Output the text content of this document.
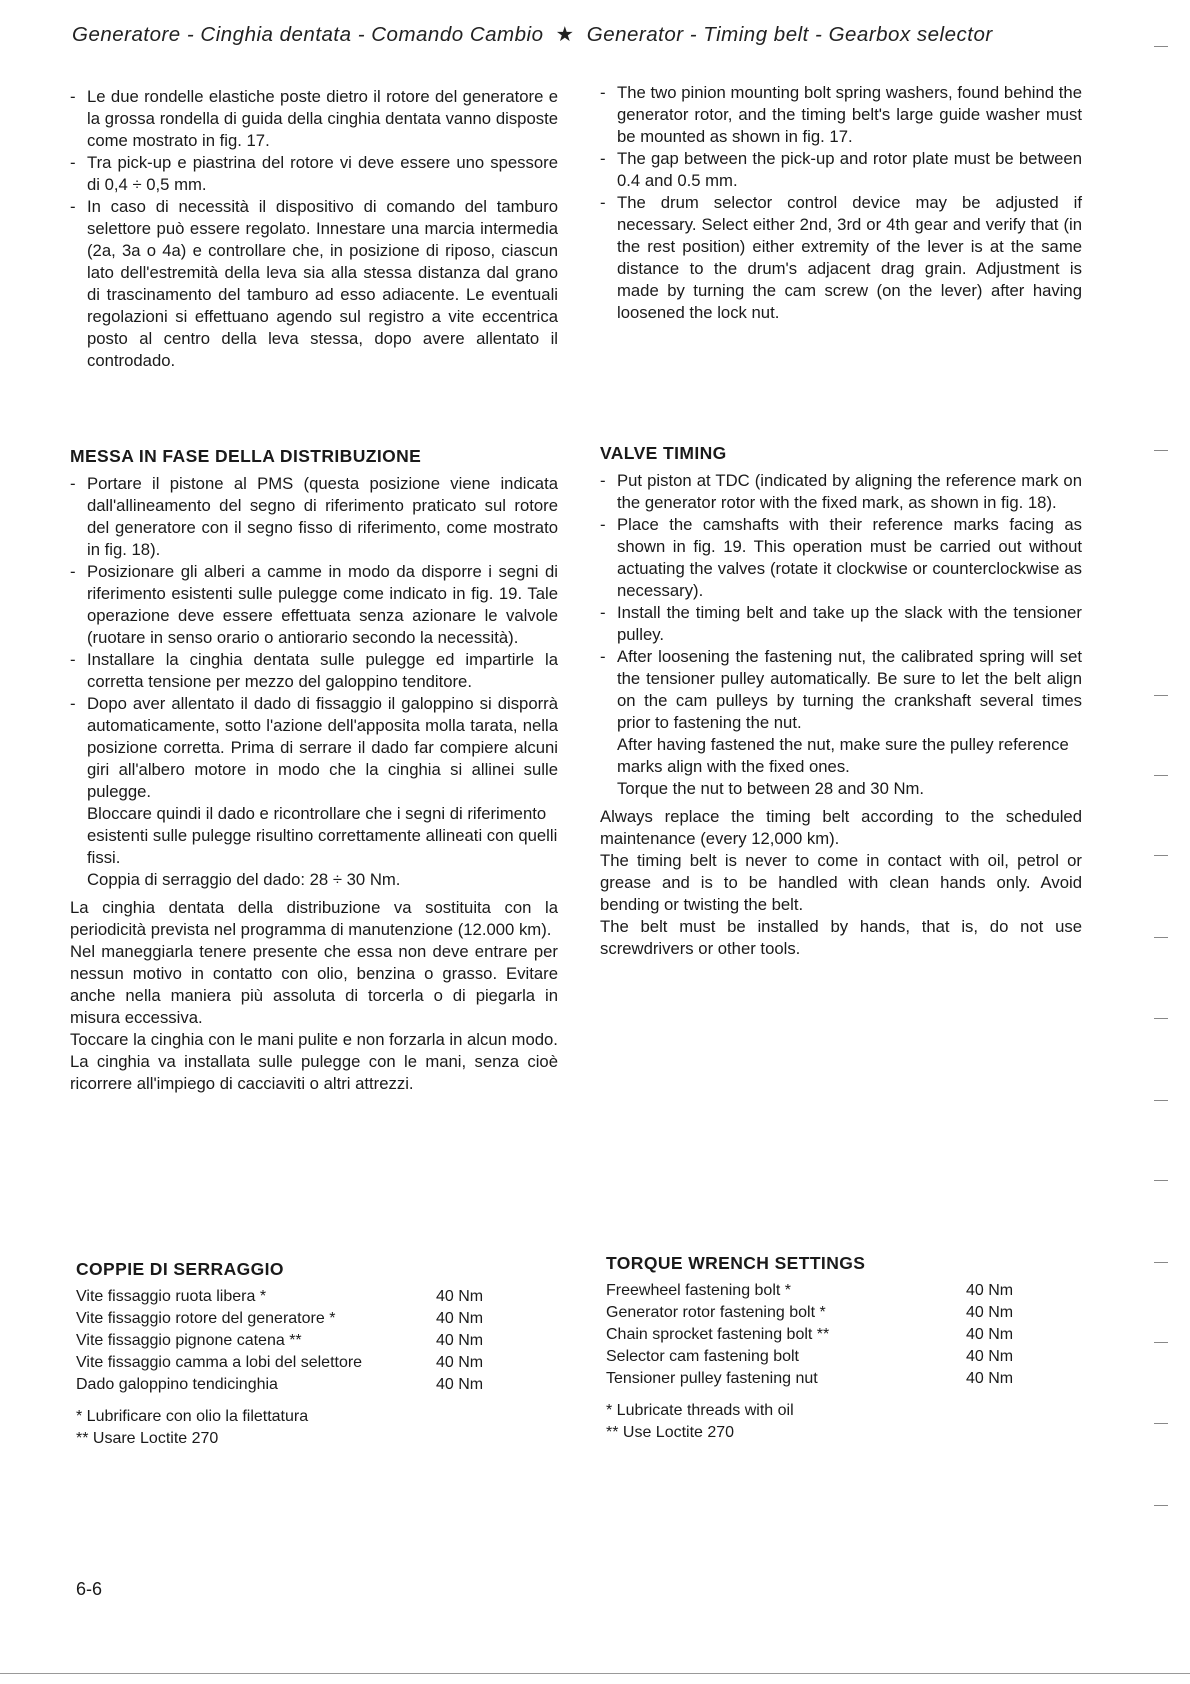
Generatore - Cinghia dentata - Comando Cambio ★ Generator - Timing belt - Gearbox selector
- Le due rondelle elastiche poste dietro il rotore del generatore e la grossa rondella di guida della cinghia dentata vanno disposte come mostrato in fig. 17.
- Tra pick-up e piastrina del rotore vi deve essere uno spessore di 0,4 ÷ 0,5 mm.
- In caso di necessità il dispositivo di comando del tamburo selettore può essere regolato. Innestare una marcia intermedia (2a, 3a o 4a) e controllare che, in posizione di riposo, ciascun lato dell'estremità della leva sia alla stessa distanza dal grano di trascinamento del tamburo ad esso adiacente. Le eventuali regolazioni si effettuano agendo sul registro a vite eccentrica posto al centro della leva stessa, dopo avere allentato il controdado.
- The two pinion mounting bolt spring washers, found behind the generator rotor, and the timing belt's large guide washer must be mounted as shown in fig. 17.
- The gap between the pick-up and rotor plate must be between 0.4 and 0.5 mm.
- The drum selector control device may be adjusted if necessary. Select either 2nd, 3rd or 4th gear and verify that (in the rest position) either extremity of the lever is at the same distance to the drum's adjacent drag grain. Adjustment is made by turning the cam screw (on the lever) after having loosened the lock nut.
MESSA IN FASE DELLA DISTRIBUZIONE
- Portare il pistone al PMS (questa posizione viene indicata dall'allineamento del segno di riferimento praticato sul rotore del generatore con il segno fisso di riferimento, come mostrato in fig. 18).
- Posizionare gli alberi a camme in modo da disporre i segni di riferimento esistenti sulle pulegge come indicato in fig. 19. Tale operazione deve essere effettuata senza azionare le valvole (ruotare in senso orario o antiorario secondo la necessità).
- Installare la cinghia dentata sulle pulegge ed impartirle la corretta tensione per mezzo del galoppino tenditore.
- Dopo aver allentato il dado di fissaggio il galoppino si disporrà automaticamente, sotto l'azione dell'apposita molla tarata, nella posizione corretta. Prima di serrare il dado far compiere alcuni giri all'albero motore in modo che la cinghia si allinei sulle pulegge.

Bloccare quindi il dado e ricontrollare che i segni di riferimento esistenti sulle pulegge risultino correttamente allineati con quelli fissi.

Coppia di serraggio del dado: 28 ÷ 30 Nm.

La cinghia dentata della distribuzione va sostituita con la periodicità prevista nel programma di manutenzione (12.000 km).

Nel maneggiarla tenere presente che essa non deve entrare per nessun motivo in contatto con olio, benzina o grasso. Evitare anche nella maniera più assoluta di torcerla o di piegarla in misura eccessiva.

Toccare la cinghia con le mani pulite e non forzarla in alcun modo.

La cinghia va installata sulle pulegge con le mani, senza cioè ricorrere all'impiego di cacciaviti o altri attrezzi.

VALVE TIMING
- Put piston at TDC (indicated by aligning the reference mark on the generator rotor with the fixed mark, as shown in fig. 18).
- Place the camshafts with their reference marks facing as shown in fig. 19. This operation must be carried out without actuating the valves (rotate it clockwise or counterclockwise as necessary).
- Install the timing belt and take up the slack with the tensioner pulley.
- After loosening the fastening nut, the calibrated spring will set the tensioner pulley automatically. Be sure to let the belt align on the cam pulleys by turning the crankshaft several times prior to fastening the nut.

After having fastened the nut, make sure the pulley reference marks align with the fixed ones.

Torque the nut to between 28 and 30 Nm.

Always replace the timing belt according to the scheduled maintenance (every 12,000 km).

The timing belt is never to come in contact with oil, petrol or grease and is to be handled with clean hands only. Avoid bending or twisting the belt.

The belt must be installed by hands, that is, do not use screwdrivers or other tools.

COPPIE DI SERRAGGIO
Vite fissaggio ruota libera *	40 Nm
Vite fissaggio rotore del generatore *	40 Nm
Vite fissaggio pignone catena **	40 Nm
Vite fissaggio camma a lobi del selettore	40 Nm
Dado galoppino tendicinghia	40 Nm
* Lubrificare con olio la filettatura
** Usare Loctite 270
TORQUE WRENCH SETTINGS
Freewheel fastening bolt *	40 Nm
Generator rotor fastening bolt *	40 Nm
Chain sprocket fastening bolt **	40 Nm
Selector cam fastening bolt	40 Nm
Tensioner pulley fastening nut	40 Nm
* Lubricate threads with oil
** Use Loctite 270
6-6
